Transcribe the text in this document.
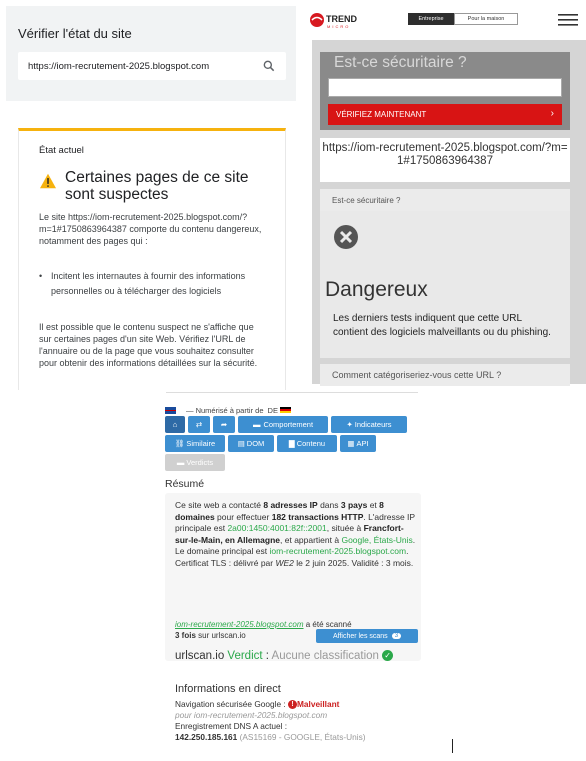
Vérifier l'état du site
https://iom-recrutement-2025.blogspot.com
État actuel
Certaines pages de ce site sont suspectes
Le site https://iom-recrutement-2025.blogspot.com/?m=1#1750863964387 comporte du contenu dangereux, notamment des pages qui :
• Incitent les internautes à fournir des informations personnelles ou à télécharger des logiciels
Il est possible que le contenu suspect ne s'affiche que sur certaines pages d'un site Web. Vérifiez l'URL de l'annuaire ou de la page que vous souhaitez consulter pour obtenir des informations détaillées sur la sécurité.
TREND
MICRO
Entreprise	Pour la maison
Est-ce sécuritaire ?
VÉRIFIEZ MAINTENANT	›
https://iom-recrutement-2025.blogspot.com/?m=1#1750863964387
Est-ce sécuritaire ?
Dangereux
Les derniers tests indiquent que cette URL contient des logiciels malveillants ou du phishing.
Comment catégoriseriez-vous cette URL ?
— Numérisé à partir de DE
⌂ ⇄ ➦	▬ Comportement	✦ Indicateurs
⛓ Similaire	▤ DOM	▇ Contenu	▦ API
▬ Verdicts
Résumé
Ce site web a contacté 8 adresses IP dans 3 pays et 8 domaines pour effectuer 182 transactions HTTP. L'adresse IP principale est 2a00:1450:4001:82f::2001, située à Francfort-sur-le-Main, en Allemagne, et appartient à Google, États-Unis. Le domaine principal est iom-recrutement-2025.blogspot.com.
Certificat TLS : délivré par WE2 le 2 juin 2025. Validité : 3 mois.
iom-recrutement-2025.blogspot.com a été scanné
3 fois sur urlscan.io	Afficher les scans	3
urlscan.io Verdict : Aucune classification ✓
Informations en direct
Navigation sécurisée Google : ! Malveillant
pour iom-recrutement-2025.blogspot.com
Enregistrement DNS A actuel :
142.250.185.161 (AS15169 - GOOGLE, États-Unis)
